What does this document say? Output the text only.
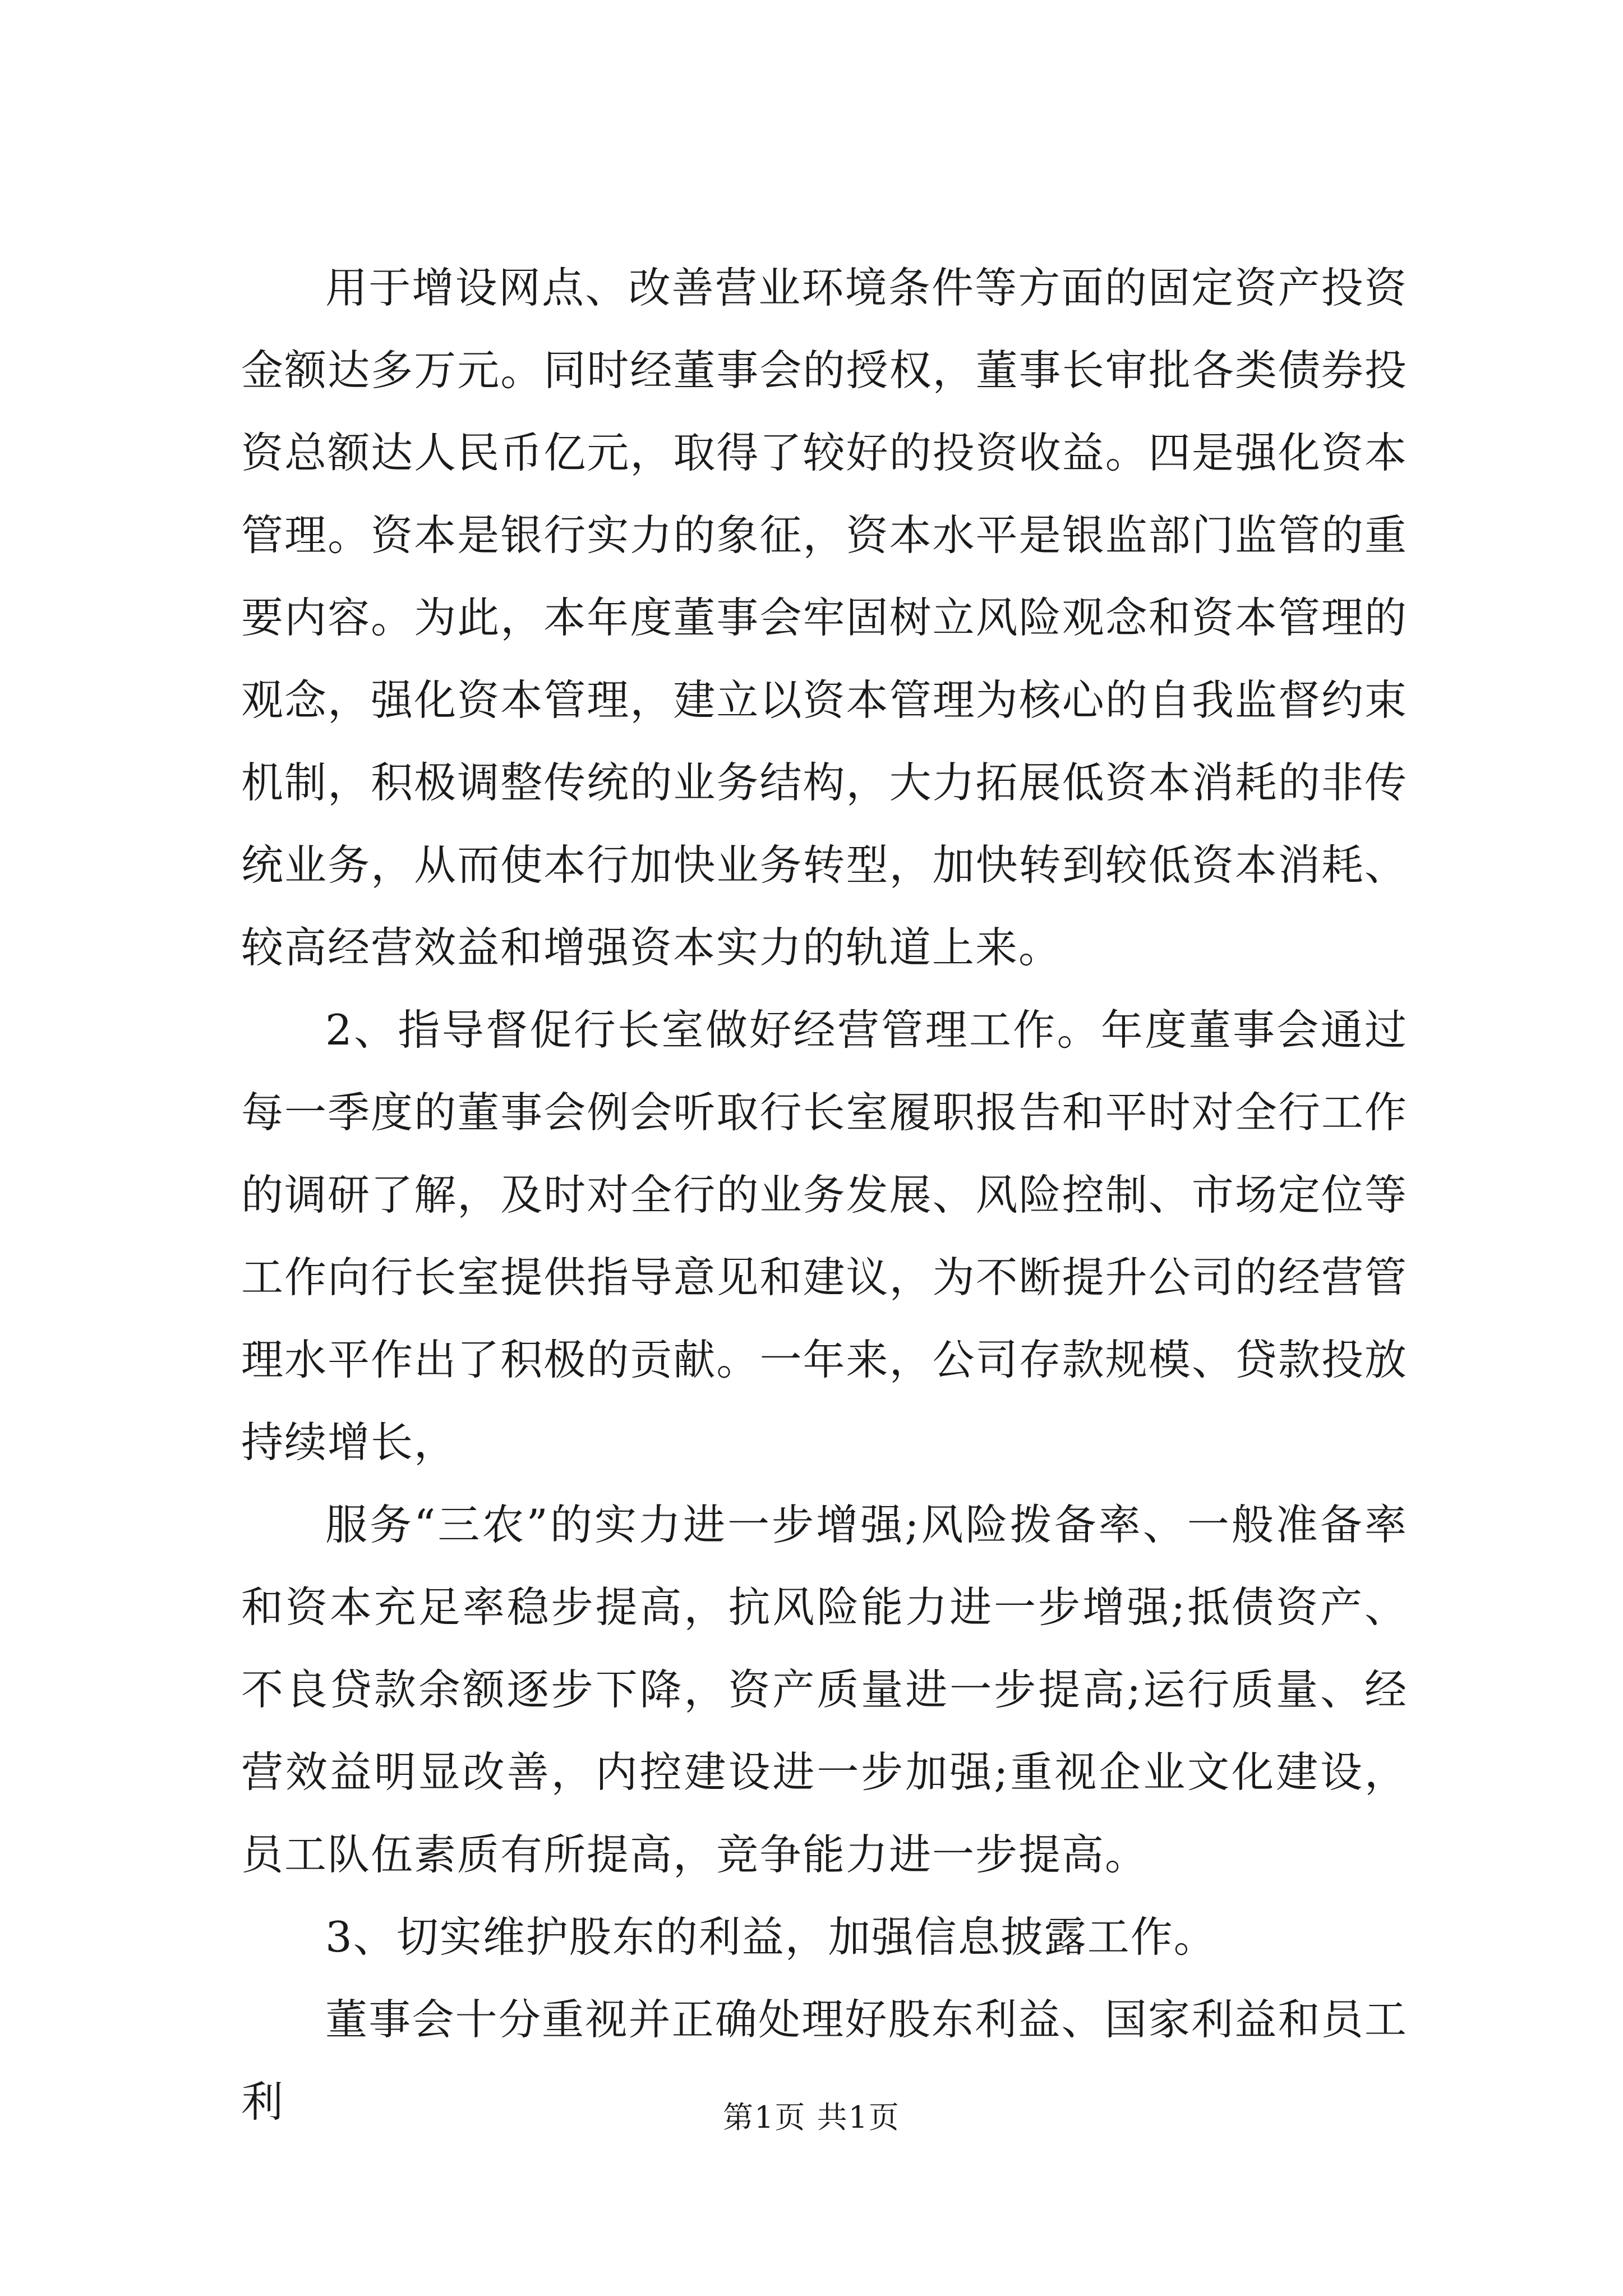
用于增设网点、改善营业环境条件等方面的固定资产投资金额达多万元。同时经董事会的授权，董事长审批各类债券投资总额达人民币亿元，取得了较好的投资收益。四是强化资本管理。资本是银行实力的象征，资本水平是银监部门监管的重要内容。为此，本年度董事会牢固树立风险观念和资本管理的观念，强化资本管理，建立以资本管理为核心的自我监督约束机制，积极调整传统的业务结构，大力拓展低资本消耗的非传统业务，从而使本行加快业务转型，加快转到较低资本消耗、较高经营效益和增强资本实力的轨道上来。

2、指导督促行长室做好经营管理工作。年度董事会通过每一季度的董事会例会听取行长室履职报告和平时对全行工作的调研了解，及时对全行的业务发展、风险控制、市场定位等工作向行长室提供指导意见和建议，为不断提升公司的经营管理水平作出了积极的贡献。一年来，公司存款规模、贷款投放持续增长，

服务“三农”的实力进一步增强;风险拨备率、一般准备率和资本充足率稳步提高，抗风险能力进一步增强;抵债资产、不良贷款余额逐步下降，资产质量进一步提高;运行质量、经营效益明显改善，内控建设进一步加强;重视企业文化建设，员工队伍素质有所提高，竞争能力进一步提高。

3、切实维护股东的利益，加强信息披露工作。

董事会十分重视并正确处理好股东利益、国家利益和员工利	第1页 共1页
